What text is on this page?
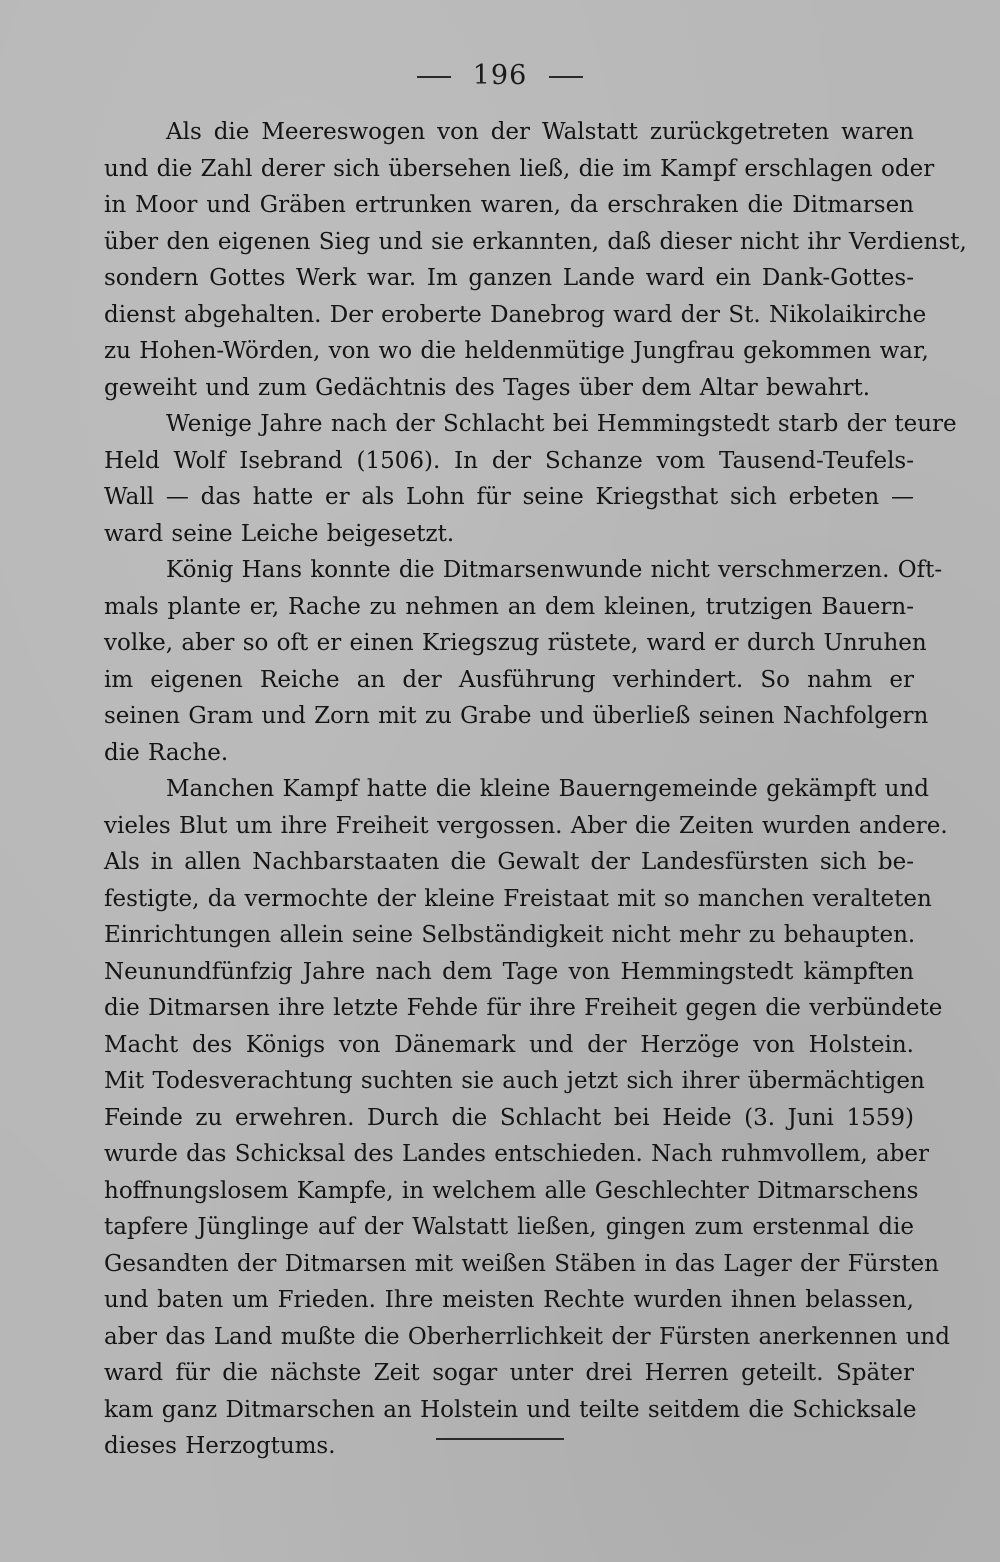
196
Als die Meereswogen von der Walstatt zurückgetreten waren
und die Zahl derer sich übersehen ließ, die im Kampf erschlagen oder
in Moor und Gräben ertrunken waren, da erschraken die Ditmarsen
über den eigenen Sieg und sie erkannten, daß dieser nicht ihr Verdienst,
sondern Gottes Werk war. Im ganzen Lande ward ein Dank-Gottes-
dienst abgehalten. Der eroberte Danebrog ward der St. Nikolaikirche
zu Hohen-Wörden, von wo die heldenmütige Jungfrau gekommen war,
geweiht und zum Gedächtnis des Tages über dem Altar bewahrt.
Wenige Jahre nach der Schlacht bei Hemmingstedt starb der teure
Held Wolf Isebrand (1506). In der Schanze vom Tausend-Teufels-
Wall — das hatte er als Lohn für seine Kriegsthat sich erbeten —
ward seine Leiche beigesetzt.
König Hans konnte die Ditmarsenwunde nicht verschmerzen. Oft-
mals plante er, Rache zu nehmen an dem kleinen, trutzigen Bauern-
volke, aber so oft er einen Kriegszug rüstete, ward er durch Unruhen
im eigenen Reiche an der Ausführung verhindert. So nahm er
seinen Gram und Zorn mit zu Grabe und überließ seinen Nachfolgern
die Rache.
Manchen Kampf hatte die kleine Bauerngemeinde gekämpft und
vieles Blut um ihre Freiheit vergossen. Aber die Zeiten wurden andere.
Als in allen Nachbarstaaten die Gewalt der Landesfürsten sich be-
festigte, da vermochte der kleine Freistaat mit so manchen veralteten
Einrichtungen allein seine Selbständigkeit nicht mehr zu behaupten.
Neunundfünfzig Jahre nach dem Tage von Hemmingstedt kämpften
die Ditmarsen ihre letzte Fehde für ihre Freiheit gegen die verbündete
Macht des Königs von Dänemark und der Herzöge von Holstein.
Mit Todesverachtung suchten sie auch jetzt sich ihrer übermächtigen
Feinde zu erwehren. Durch die Schlacht bei Heide (3. Juni 1559)
wurde das Schicksal des Landes entschieden. Nach ruhmvollem, aber
hoffnungslosem Kampfe, in welchem alle Geschlechter Ditmarschens
tapfere Jünglinge auf der Walstatt ließen, gingen zum erstenmal die
Gesandten der Ditmarsen mit weißen Stäben in das Lager der Fürsten
und baten um Frieden. Ihre meisten Rechte wurden ihnen belassen,
aber das Land mußte die Oberherrlichkeit der Fürsten anerkennen und
ward für die nächste Zeit sogar unter drei Herren geteilt. Später
kam ganz Ditmarschen an Holstein und teilte seitdem die Schicksale
dieses Herzogtums.
